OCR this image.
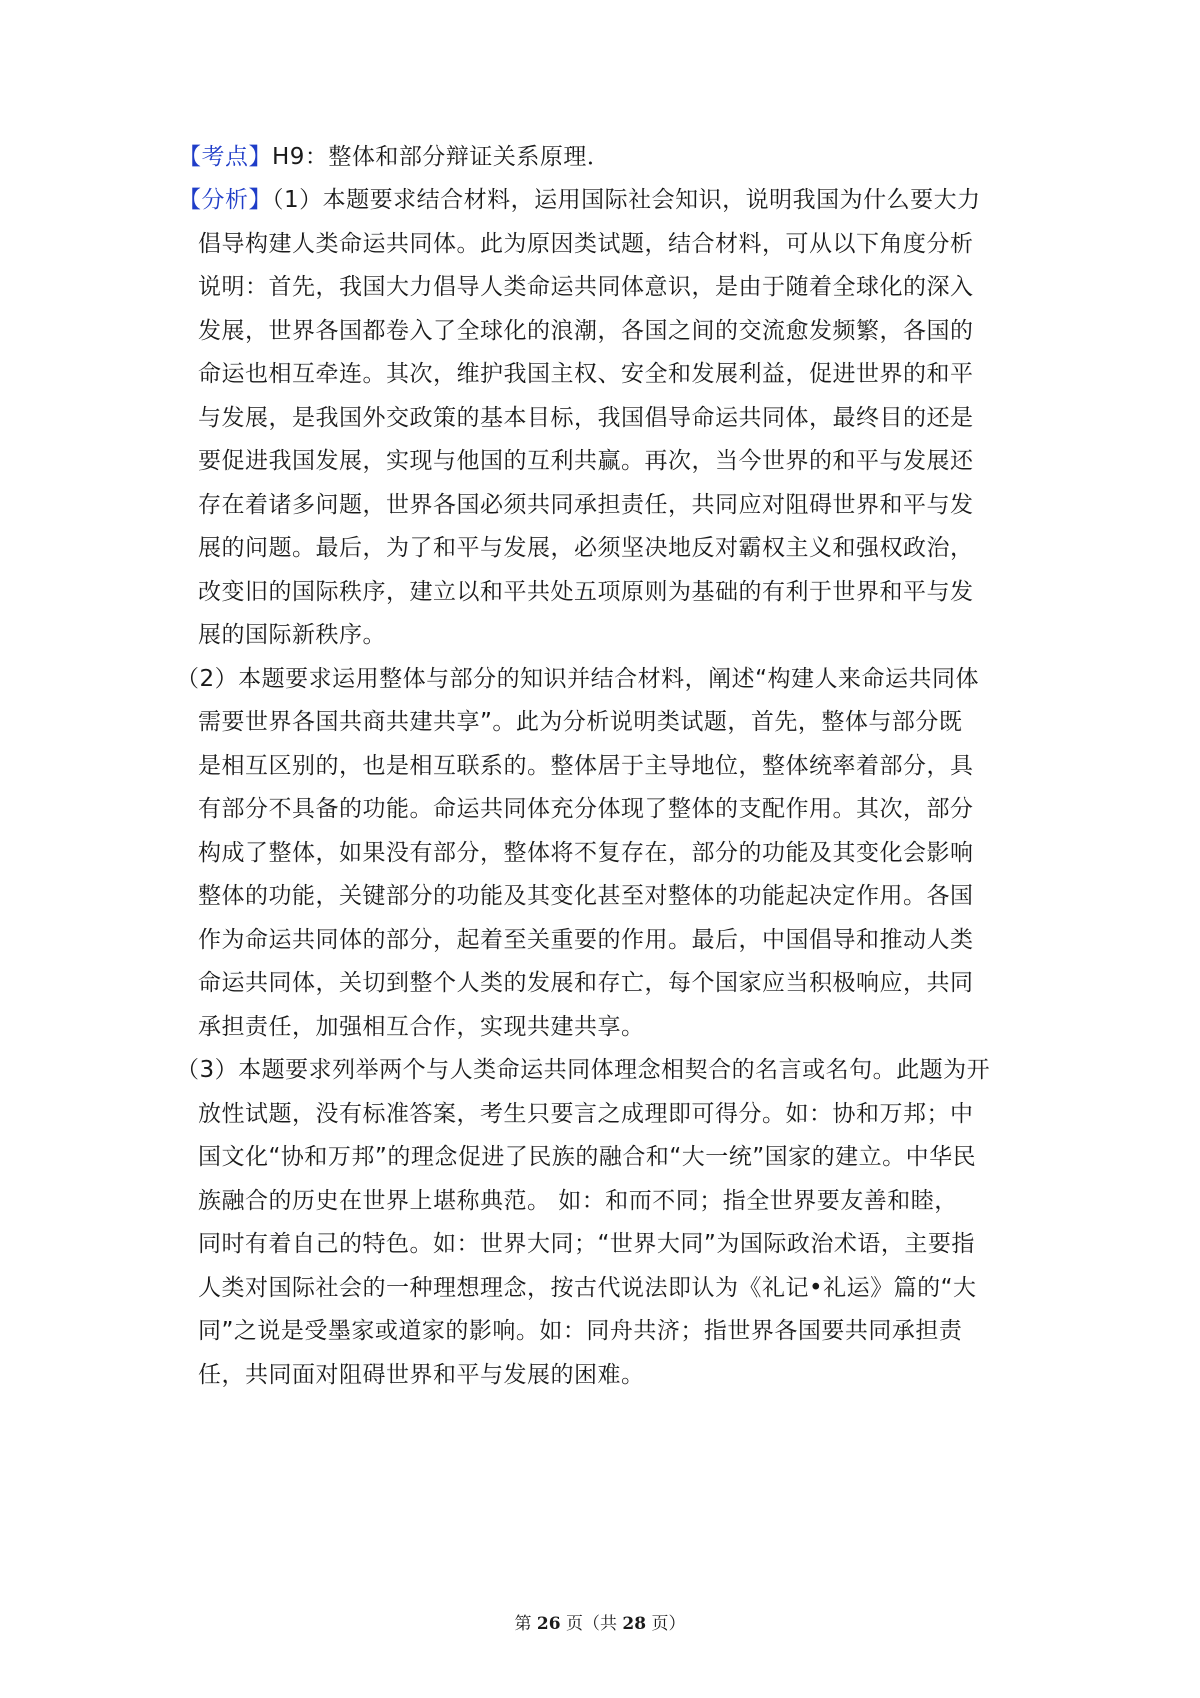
【考点】H9：整体和部分辩证关系原理．
【分析】（1）本题要求结合材料，运用国际社会知识，说明我国为什么要大力
倡导构建人类命运共同体。此为原因类试题，结合材料，可从以下角度分析
说明：首先，我国大力倡导人类命运共同体意识，是由于随着全球化的深入
发展，世界各国都卷入了全球化的浪潮，各国之间的交流愈发频繁，各国的
命运也相互牵连。其次，维护我国主权、安全和发展利益，促进世界的和平
与发展，是我国外交政策的基本目标，我国倡导命运共同体，最终目的还是
要促进我国发展，实现与他国的互利共赢。再次，当今世界的和平与发展还
存在着诸多问题，世界各国必须共同承担责任，共同应对阻碍世界和平与发
展的问题。最后，为了和平与发展，必须坚决地反对霸权主义和强权政治，
改变旧的国际秩序，建立以和平共处五项原则为基础的有利于世界和平与发
展的国际新秩序。
（2）本题要求运用整体与部分的知识并结合材料，阐述“构建人来命运共同体
需要世界各国共商共建共享”。此为分析说明类试题，首先，整体与部分既
是相互区别的，也是相互联系的。整体居于主导地位，整体统率着部分，具
有部分不具备的功能。命运共同体充分体现了整体的支配作用。其次，部分
构成了整体，如果没有部分，整体将不复存在，部分的功能及其变化会影响
整体的功能，关键部分的功能及其变化甚至对整体的功能起决定作用。各国
作为命运共同体的部分，起着至关重要的作用。最后，中国倡导和推动人类
命运共同体，关切到整个人类的发展和存亡，每个国家应当积极响应，共同
承担责任，加强相互合作，实现共建共享。
（3）本题要求列举两个与人类命运共同体理念相契合的名言或名句。此题为开
放性试题，没有标准答案，考生只要言之成理即可得分。如：协和万邦；中
国文化“协和万邦”的理念促进了民族的融合和“大一统”国家的建立。中华民
族融合的历史在世界上堪称典范。 如：和而不同；指全世界要友善和睦，
同时有着自己的特色。如：世界大同；“世界大同”为国际政治术语，主要指
人类对国际社会的一种理想理念，按古代说法即认为《礼记•礼运》篇的“大
同”之说是受墨家或道家的影响。如：同舟共济；指世界各国要共同承担责
任，共同面对阻碍世界和平与发展的困难。
第 26 页（共 28 页）
